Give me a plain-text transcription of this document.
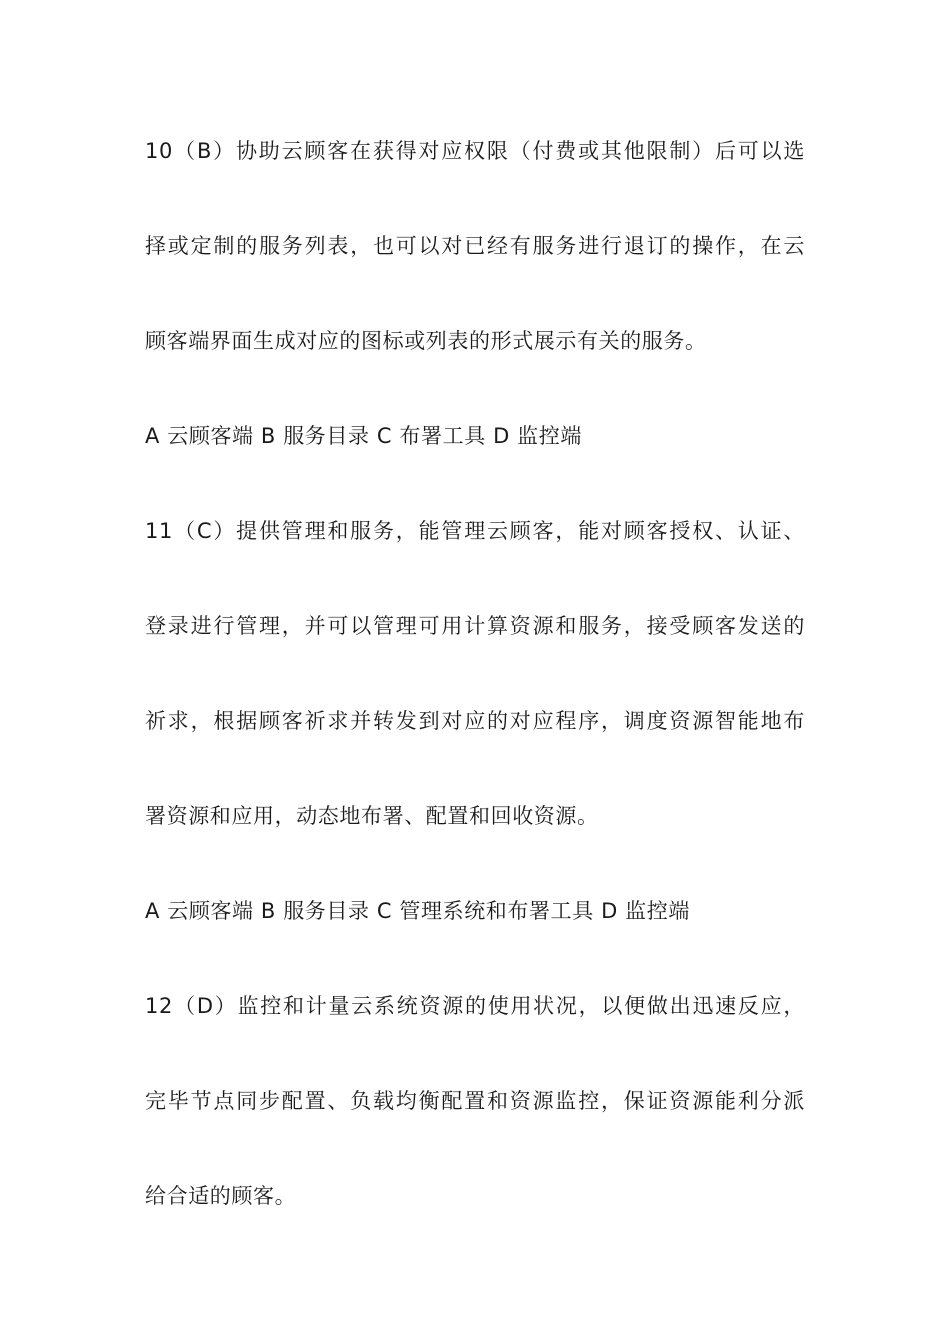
10（B）协助云顾客在获得对应权限（付费或其他限制）后可以选
择或定制的服务列表，也可以对已经有服务进行退订的操作，在云
顾客端界面生成对应的图标或列表的形式展示有关的服务。
A 云顾客端 B 服务目录 C 布署工具 D 监控端
11（C）提供管理和服务，能管理云顾客，能对顾客授权、认证、
登录进行管理，并可以管理可用计算资源和服务，接受顾客发送的
祈求，根据顾客祈求并转发到对应的对应程序，调度资源智能地布
署资源和应用，动态地布署、配置和回收资源。
A 云顾客端 B 服务目录 C 管理系统和布署工具 D 监控端
12（D）监控和计量云系统资源的使用状况，以便做出迅速反应，
完毕节点同步配置、负载均衡配置和资源监控，保证资源能利分派
给合适的顾客。
